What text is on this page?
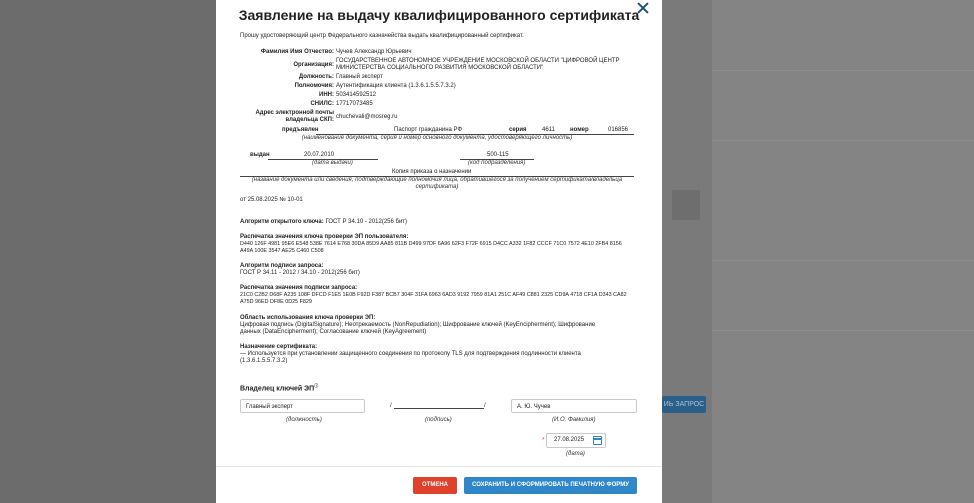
ИЬ ЗАПРОС
Заявление на выдачу квалифицированного сертификата
Прошу удостоверяющий центр Федерального казначейства выдать квалифицированный сертификат.
Фамилия Имя Отчество: Чучев Александр Юрьевич
Организация:
ГОСУДАРСТВЕННОЕ АВТОНОМНОЕ УЧРЕЖДЕНИЕ МОСКОВСКОЙ ОБЛАСТИ "ЦИФРОВОЙ ЦЕНТР
МИНИСТЕРСТВА СОЦИАЛЬНОГО РАЗВИТИЯ МОСКОВСКОЙ ОБЛАСТИ"
Должность: Главный эксперт
Полномочия: Аутентификация клиента (1.3.6.1.5.5.7.3.2)
ИНН: 503414592512
СНИЛС: 17717073485
Адрес электронной почты
владельца СКП: chuchevali@mosreg.ru
предъявлен	Паспорт гражданина РФ	серия	4611	номер	016856
(наименование документа, серия и номер основного документа, удостоверяющего личность)
выдан	20.07.2010	500-115
(дата выдачи)	(код подразделения)
Копия приказа о назначении
(название документа или сведения, подтверждающие полномочия лица, обратившегося за получением сертификата/владельца
сертификата)
от 25.08.2025 № 10-01
Алгоритм открытого ключа: ГОСТ Р 34.10 - 2012(256 бит)
Распечатка значения ключа проверки ЭП пользователя:
D440 126F 4981 95E6 E548 538E 7614 E768 30DA 85D9 AA85 811B D499 97DF 6A96 62F3 F72F 6915 D4CC A332 1F82 CCCF 71C0 7572 4E10 2FB4 8156
A49A 100E 3547 AE25 C460 C508
Алгоритм подписи запроса:
ГОСТ Р 34.11 - 2012 / 34.10 - 2012(256 бит)
Распечатка значения подписи запроса:
21C0 C2B2 D68F A235 108F DFCD F1E5 1E0B F92D F387 BCB7 304F 31FA 6963 6AD3 9192 7959 81A1 251C AF49 C881 2325 CD9A 4718 CF1A D343 CA82
A75D 96ED DF8E 0D25 F829
Область использования ключа проверки ЭП:
Цифровая подпись (DigitalSignature); Неотрекаемость (NonRepudiation); Шифрование ключей (KeyEncipherment); Шифрование
данных (DataEncipherment); Согласование ключей (KeyAgreement)
Назначение сертификата:
— Используется при установлении защищенного соединения по протоколу TLS для подтверждения подлинности клиента
(1.3.6.1.5.5.7.3.2)
Владелец ключей ЭПⓘ
Главный эксперт
(должность)
/	/
(подпись)
А. Ю. Чучев
(И.О. Фамилия)
*	27.08.2025
(дата)
ОТМЕНА	СОХРАНИТЬ И СФОРМИРОВАТЬ ПЕЧАТНУЮ ФОРМУ
